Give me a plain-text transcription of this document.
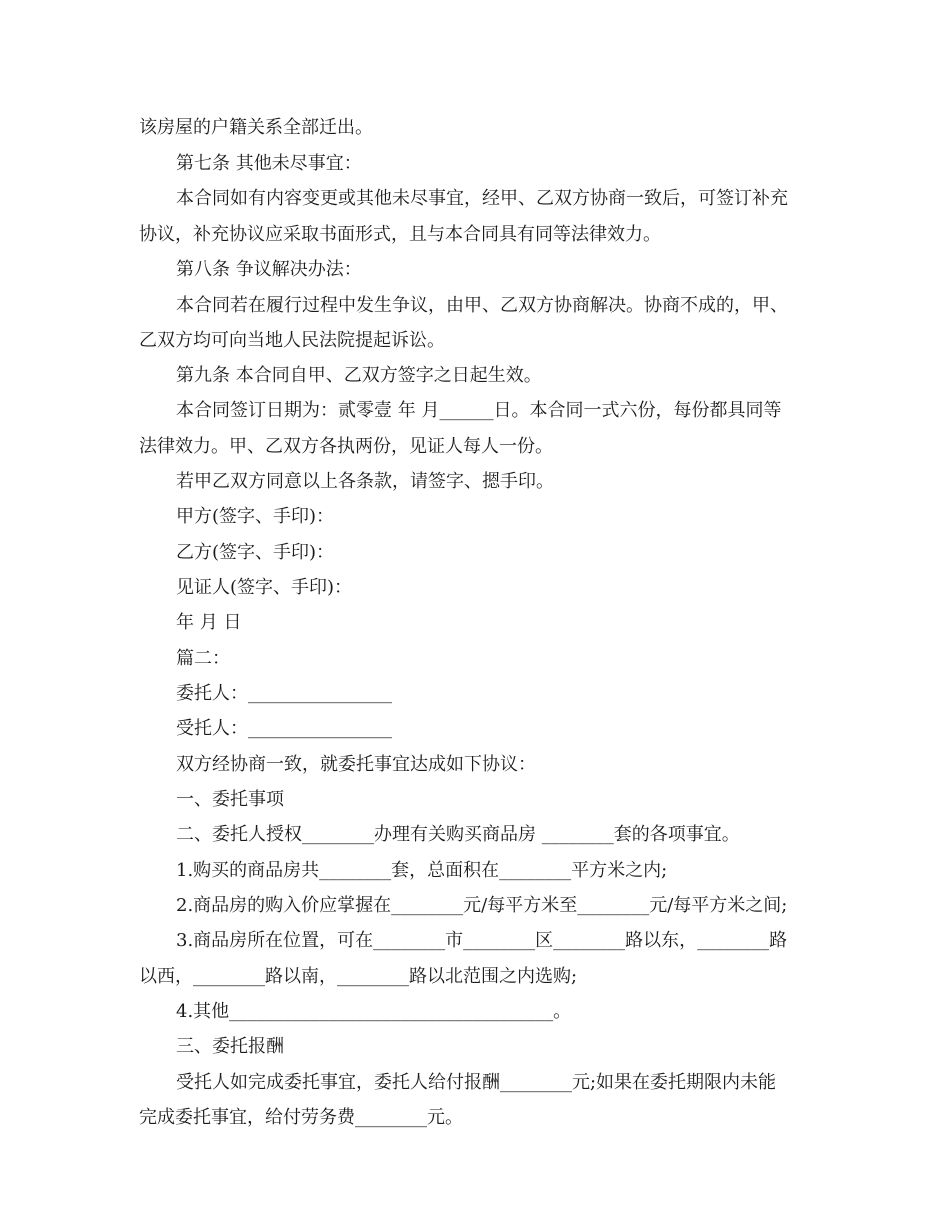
该房屋的户籍关系全部迁出。
第七条 其他未尽事宜：
本合同如有内容变更或其他未尽事宜，经甲、乙双方协商一致后，可签订补充
协议，补充协议应采取书面形式，且与本合同具有同等法律效力。
第八条 争议解决办法：
本合同若在履行过程中发生争议，由甲、乙双方协商解决。协商不成的，甲、
乙双方均可向当地人民法院提起诉讼。
第九条 本合同自甲、乙双方签字之日起生效。
本合同签订日期为：贰零壹 年 月______日。本合同一式六份，每份都具同等
法律效力。甲、乙双方各执两份，见证人每人一份。
若甲乙双方同意以上各条款，请签字、摁手印。
甲方(签字、手印)：
乙方(签字、手印)：
见证人(签字、手印)：
年 月 日
篇二：
委托人：________________
受托人：________________
双方经协商一致，就委托事宜达成如下协议：
一、委托事项
二、委托人授权________办理有关购买商品房 ________套的各项事宜。
1.购买的商品房共________套，总面积在________平方米之内;
2.商品房的购入价应掌握在________元/每平方米至________元/每平方米之间;
3.商品房所在位置，可在________市________区________路以东，________路
以西，________路以南，________路以北范围之内选购;
4.其他____________________________________。
三、委托报酬
受托人如完成委托事宜，委托人给付报酬________元;如果在委托期限内未能
完成委托事宜，给付劳务费________元。
